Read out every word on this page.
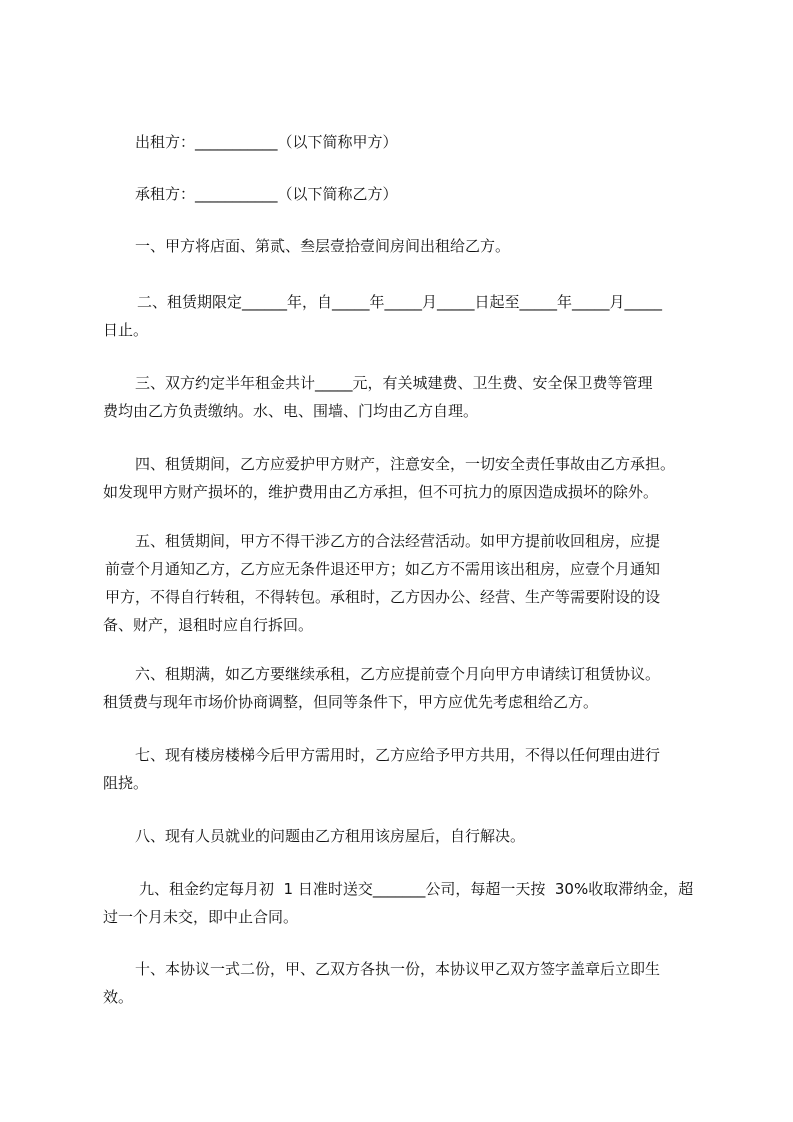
出租方：___________（以下简称甲方）

承租方：___________（以下简称乙方）

一、甲方将店面、第贰、叁层壹拾壹间房间出租给乙方。

二、租赁期限定______年，自_____年_____月_____日起至_____年_____月_____
日止。

三、双方约定半年租金共计_____元，有关城建费、卫生费、安全保卫费等管理
费均由乙方负责缴纳。水、电、围墙、门均由乙方自理。

四、租赁期间，乙方应爱护甲方财产，注意安全，一切安全责任事故由乙方承担。
如发现甲方财产损坏的，维护费用由乙方承担，但不可抗力的原因造成损坏的除外。

五、租赁期间，甲方不得干涉乙方的合法经营活动。如甲方提前收回租房，应提
前壹个月通知乙方，乙方应无条件退还甲方；如乙方不需用该出租房，应壹个月通知
甲方，不得自行转租，不得转包。承租时，乙方因办公、经营、生产等需要附设的设
备、财产，退租时应自行拆回。

六、租期满，如乙方要继续承租，乙方应提前壹个月向甲方申请续订租赁协议。
租赁费与现年市场价协商调整，但同等条件下，甲方应优先考虑租给乙方。

七、现有楼房楼梯今后甲方需用时，乙方应给予甲方共用，不得以任何理由进行
阻挠。

八、现有人员就业的问题由乙方租用该房屋后，自行解决。

九、租金约定每月初  1 日准时送交_______公司，每超一天按  30%收取滞纳金，超
过一个月未交，即中止合同。

十、本协议一式二份，甲、乙双方各执一份，本协议甲乙双方签字盖章后立即生
效。
